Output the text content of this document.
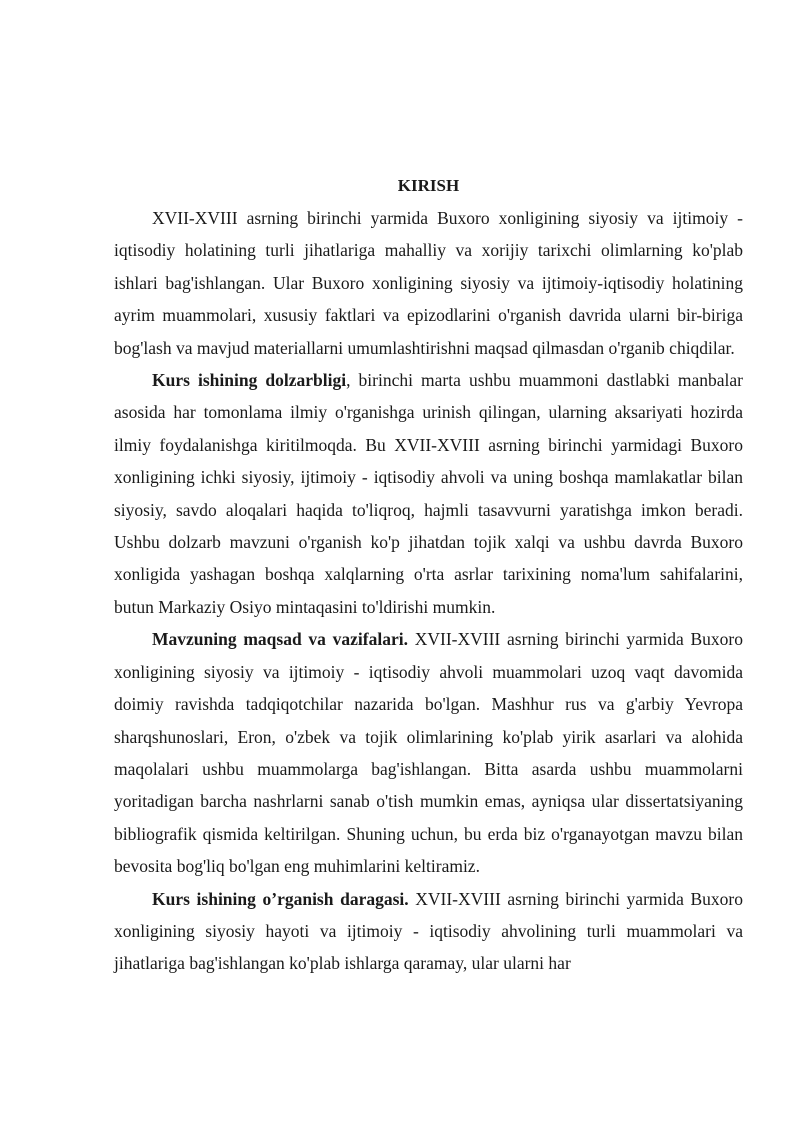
KIRISH

XVII-XVIII asrning birinchi yarmida Buxoro xonligining siyosiy va ijtimoiy - iqtisodiy holatining turli jihatlariga mahalliy va xorijiy tarixchi olimlarning ko'plab ishlari bag'ishlangan. Ular Buxoro xonligining siyosiy va ijtimoiy-iqtisodiy holatining ayrim muammolari, xususiy faktlari va epizodlarini o'rganish davrida ularni bir-biriga bog'lash va mavjud materiallarni umumlashtirishni maqsad qilmasdan o'rganib chiqdilar.

Kurs ishining dolzarbligi, birinchi marta ushbu muammoni dastlabki manbalar asosida har tomonlama ilmiy o'rganishga urinish qilingan, ularning aksariyati hozirda ilmiy foydalanishga kiritilmoqda. Bu XVII-XVIII asrning birinchi yarmidagi Buxoro xonligining ichki siyosiy, ijtimoiy - iqtisodiy ahvoli va uning boshqa mamlakatlar bilan siyosiy, savdo aloqalari haqida to'liqroq, hajmli tasavvurni yaratishga imkon beradi. Ushbu dolzarb mavzuni o'rganish ko'p jihatdan tojik xalqi va ushbu davrda Buxoro xonligida yashagan boshqa xalqlarning o'rta asrlar tarixining noma'lum sahifalarini, butun Markaziy Osiyo mintaqasini to'ldirishi mumkin.

Mavzuning maqsad va vazifalari. XVII-XVIII asrning birinchi yarmida Buxoro xonligining siyosiy va ijtimoiy - iqtisodiy ahvoli muammolari uzoq vaqt davomida doimiy ravishda tadqiqotchilar nazarida bo'lgan. Mashhur rus va g'arbiy Yevropa sharqshunoslari, Eron, o'zbek va tojik olimlarining ko'plab yirik asarlari va alohida maqolalari ushbu muammolarga bag'ishlangan. Bitta asarda ushbu muammolarni yoritadigan barcha nashrlarni sanab o'tish mumkin emas, ayniqsa ular dissertatsiyaning bibliografik qismida keltirilgan. Shuning uchun, bu erda biz o'rganayotgan mavzu bilan bevosita bog'liq bo'lgan eng muhimlarini keltiramiz.

Kurs ishining o’rganish daragasi. XVII-XVIII asrning birinchi yarmida Buxoro xonligining siyosiy hayoti va ijtimoiy - iqtisodiy ahvolining turli muammolari va jihatlariga bag'ishlangan ko'plab ishlarga qaramay, ular ularni har
